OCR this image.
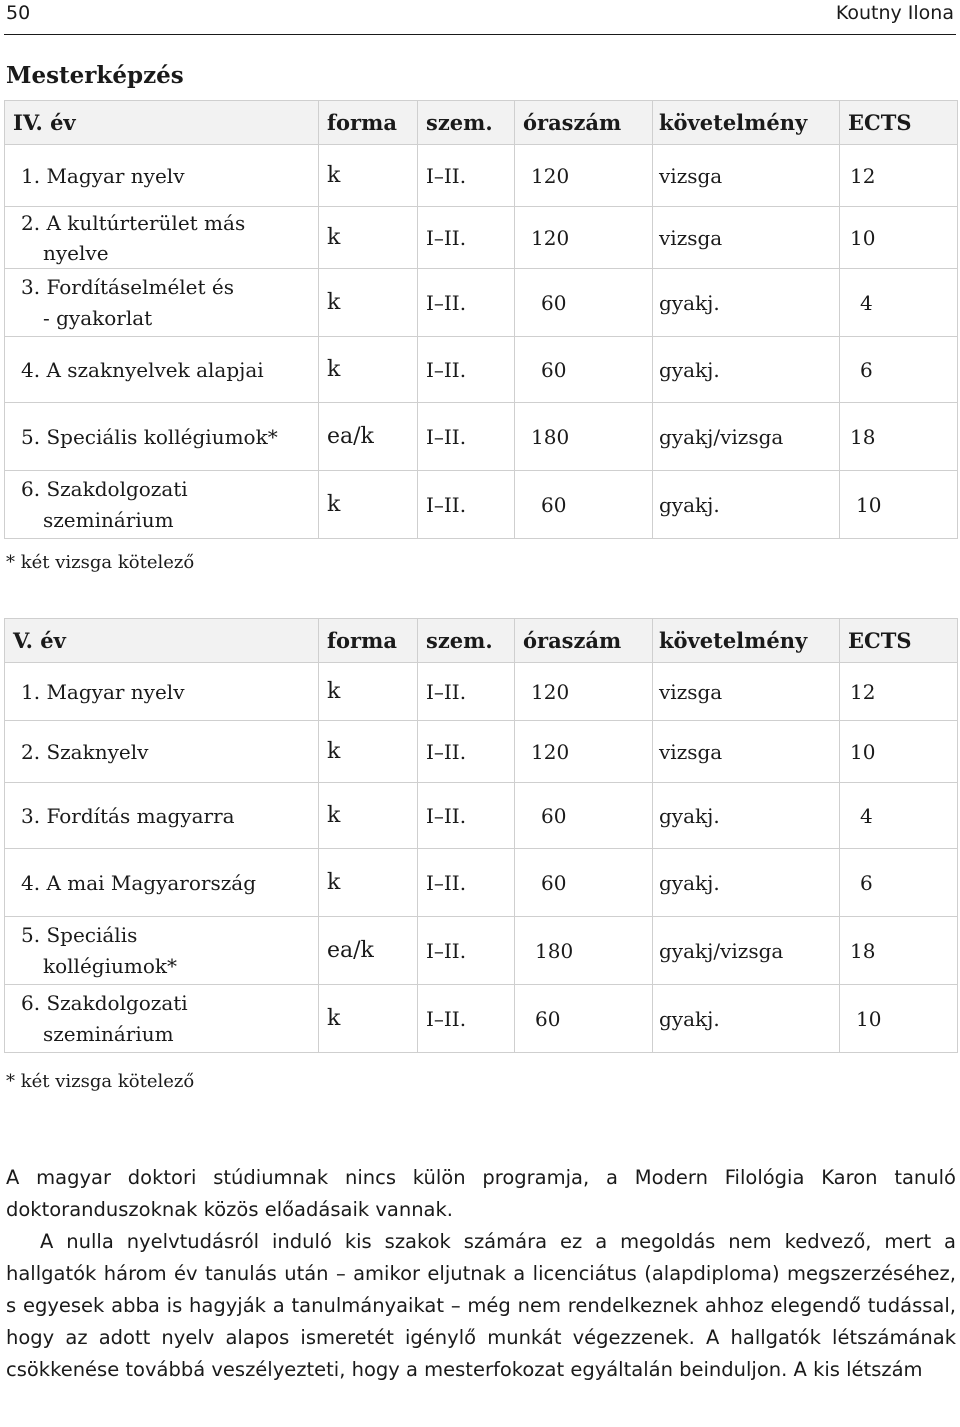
50	Koutny Ilona
Mesterképzés
IV. év	forma	szem.	óraszám	követelmény	ECTS
1. Magyar nyelv	k	I–II.	120	vizsga	12

2. A kultúrterület más
nyelve	k	I–II.	120	vizsga	10

3. Fordításelmélet és
- gyakorlat	k	I–II.	60	gyakj.	4
4. A szaknyelvek alapjai	k	I–II.	60	gyakj.	6
5. Speciális kollégiumok*	ea/k	I–II.	180	gyakj/vizsga	18

6. Szakdolgozati
szeminárium	k	I–II.	60	gyakj.	10
* két vizsga kötelező
V. év	forma	szem.	óraszám	követelmény	ECTS
1. Magyar nyelv	k	I–II.	120	vizsga	12
2. Szaknyelv	k	I–II.	120	vizsga	10
3. Fordítás magyarra	k	I–II.	60	gyakj.	4
4. A mai Magyarország	k	I–II.	60	gyakj.	6

5. Speciális
kollégiumok*	ea/k	I–II.	180	gyakj/vizsga	18

6. Szakdolgozati
szeminárium	k	I–II.	60	gyakj.	10
* két vizsga kötelező

A magyar doktori stúdiumnak nincs külön programja, a Modern Filológia Karon tanuló doktoranduszoknak közös előadásaik vannak.

A nulla nyelvtudásról induló kis szakok számára ez a megoldás nem kedvező, mert a hallgatók három év tanulás után – amikor eljutnak a licenciátus (alapdiploma) megszerzéséhez, s egyesek abba is hagyják a tanulmányaikat – még nem rendelkeznek ahhoz elegendő tudással, hogy az adott nyelv alapos ismeretét igénylő munkát végezzenek. A hallgatók létszámának csökkenése továbbá veszélyezteti, hogy a mesterfokozat egyáltalán beinduljon. A kis létszám
